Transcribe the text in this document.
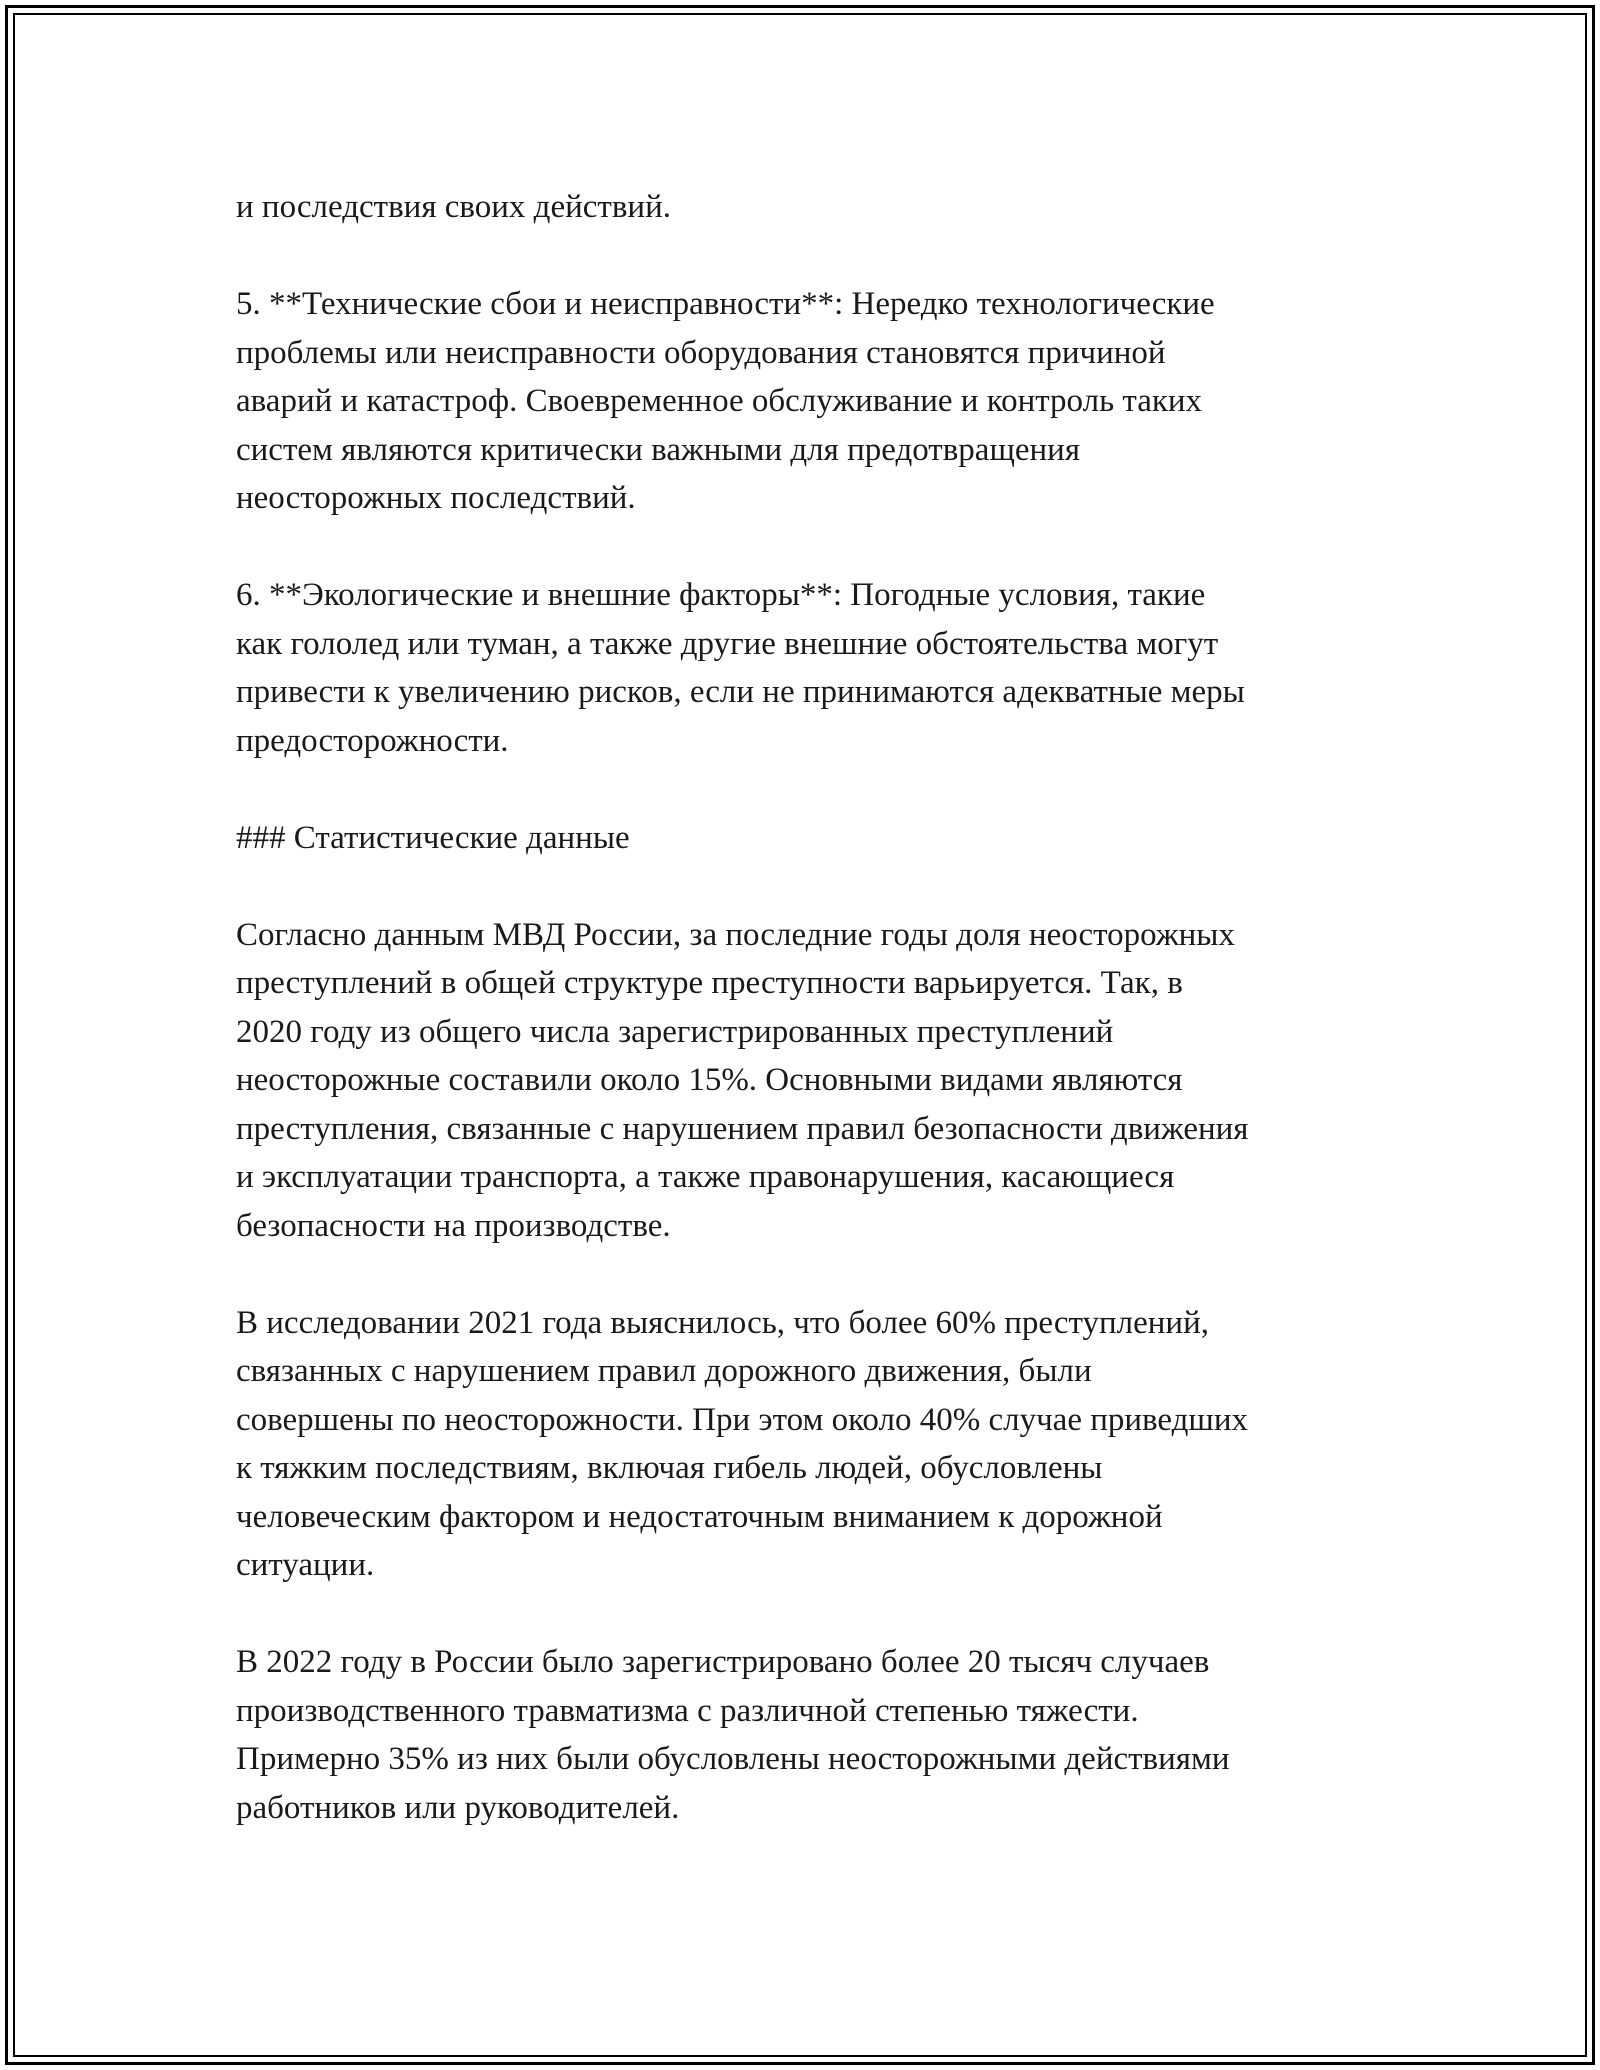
и последствия своих действий.

5. **Технические сбои и неисправности**: Нередко технологические
проблемы или неисправности оборудования становятся причиной
аварий и катастроф. Своевременное обслуживание и контроль таких
систем являются критически важными для предотвращения
неосторожных последствий.

6. **Экологические и внешние факторы**: Погодные условия, такие
как гололед или туман, а также другие внешние обстоятельства могут
привести к увеличению рисков, если не принимаются адекватные меры
предосторожности.

### Статистические данные

Согласно данным МВД России, за последние годы доля неосторожных
преступлений в общей структуре преступности варьируется. Так, в
2020 году из общего числа зарегистрированных преступлений
неосторожные составили около 15%. Основными видами являются
преступления, связанные с нарушением правил безопасности движения
и эксплуатации транспорта, а также правонарушения, касающиеся
безопасности на производстве.

В исследовании 2021 года выяснилось, что более 60% преступлений,
связанных с нарушением правил дорожного движения, были
совершены по неосторожности. При этом около 40% случае приведших
к тяжким последствиям, включая гибель людей, обусловлены
человеческим фактором и недостаточным вниманием к дорожной
ситуации.

В 2022 году в России было зарегистрировано более 20 тысяч случаев
производственного травматизма с различной степенью тяжести.
Примерно 35% из них были обусловлены неосторожными действиями
работников или руководителей.
